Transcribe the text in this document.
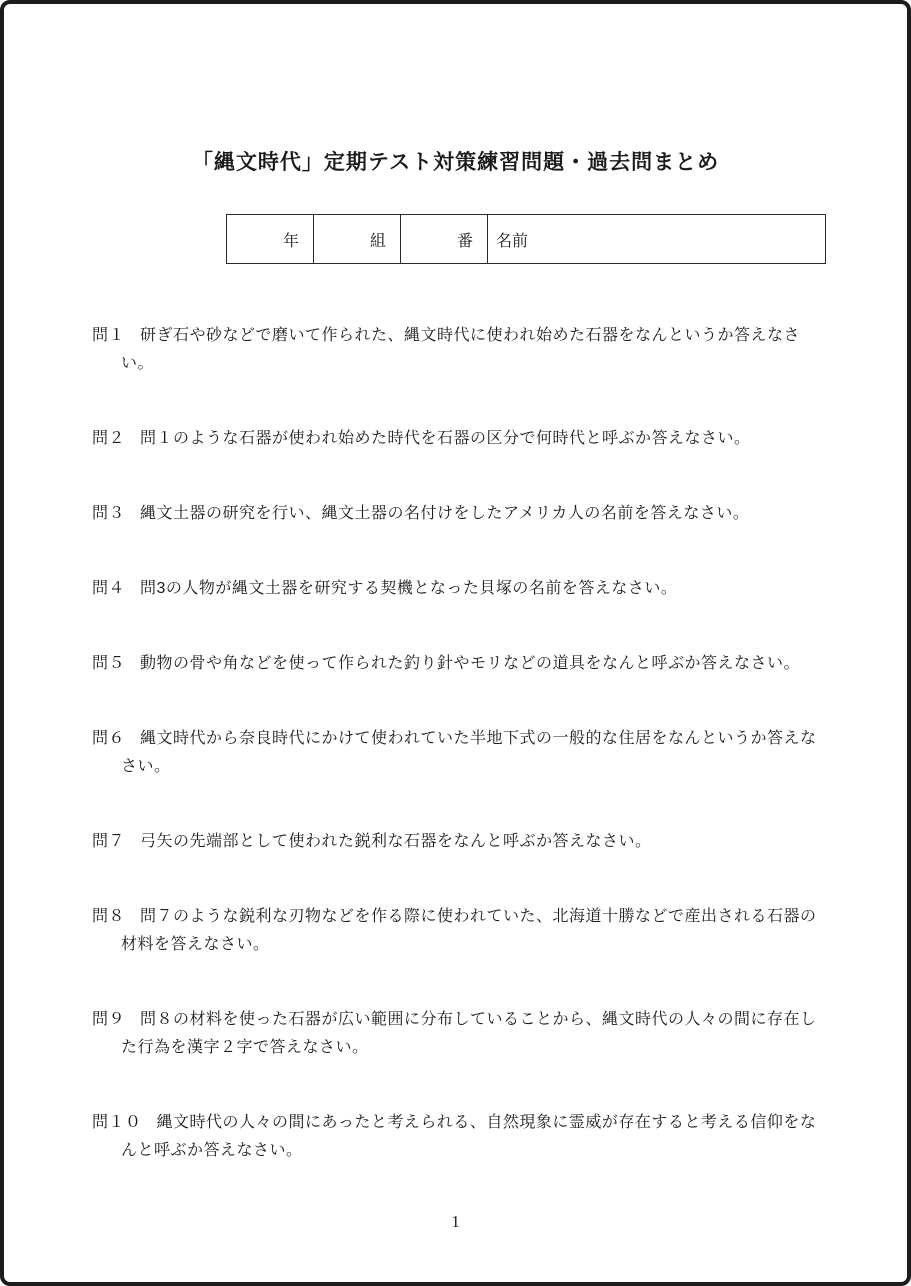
「縄文時代」定期テスト対策練習問題・過去問まとめ
年	組	番	名前
問１ 研ぎ石や砂などで磨いて作られた、縄文時代に使われ始めた石器をなんというか答えなさい。
問２ 問１のような石器が使われ始めた時代を石器の区分で何時代と呼ぶか答えなさい。
問３ 縄文土器の研究を行い、縄文土器の名付けをしたアメリカ人の名前を答えなさい。
問４ 問3の人物が縄文土器を研究する契機となった貝塚の名前を答えなさい。
問５ 動物の骨や角などを使って作られた釣り針やモリなどの道具をなんと呼ぶか答えなさい。
問６ 縄文時代から奈良時代にかけて使われていた半地下式の一般的な住居をなんというか答えなさい。
問７ 弓矢の先端部として使われた鋭利な石器をなんと呼ぶか答えなさい。
問８ 問７のような鋭利な刃物などを作る際に使われていた、北海道十勝などで産出される石器の材料を答えなさい。
問９ 問８の材料を使った石器が広い範囲に分布していることから、縄文時代の人々の間に存在した行為を漢字２字で答えなさい。
問１０ 縄文時代の人々の間にあったと考えられる、自然現象に霊威が存在すると考える信仰をなんと呼ぶか答えなさい。
1
